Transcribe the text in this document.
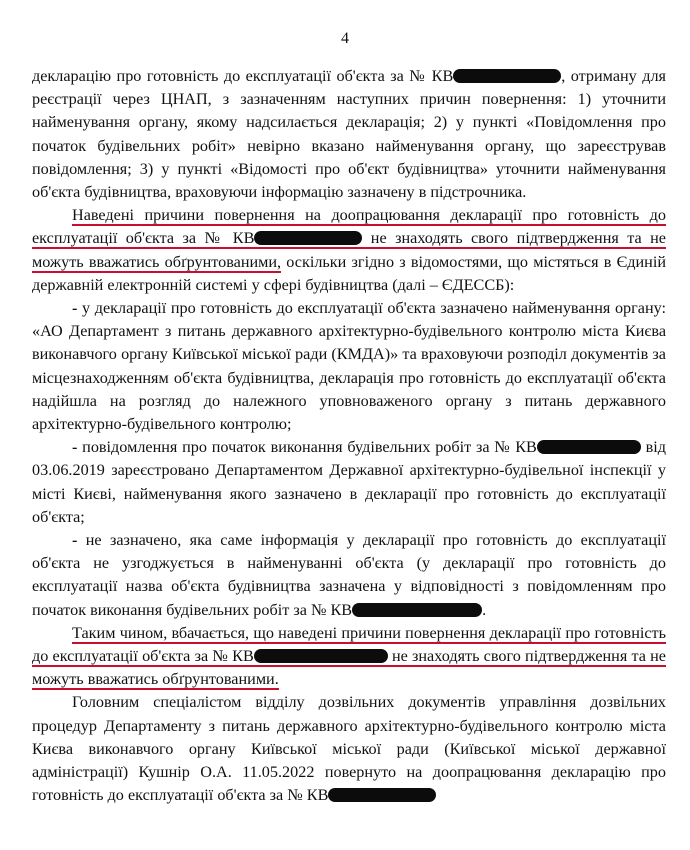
4

декларацію про готовність до експлуатації об'єкта за № КВ	, отриману для реєстрації через ЦНАП, з зазначенням наступних причин повернення: 1) уточнити найменування органу, якому надсилається декларація; 2) у пункті «Повідомлення про початок будівельних робіт» невірно вказано найменування органу, що зареєстрував повідомлення; 3) у пункті «Відомості про об'єкт будівництва» уточнити найменування об'єкта будівництва, враховуючи інформацію зазначену в підстрочника.

Наведені причини повернення на доопрацювання декларації про готовність до експлуатації об'єкта за № КВ	не знаходять свого підтвердження та не можуть вважатись обґрунтованими, оскільки згідно з відомостями, що містяться в Єдиній державній електронній системі у сфері будівництва (далі – ЄДЕССБ):

- у декларації про готовність до експлуатації об'єкта зазначено найменування органу: «АО Департамент з питань державного архітектурно-будівельного контролю міста Києва виконавчого органу Київської міської ради (КМДА)» та враховуючи розподіл документів за місцезнаходженням об'єкта будівництва, декларація про готовність до експлуатації об'єкта надійшла на розгляд до належного уповноваженого органу з питань державного архітектурно-будівельного контролю;

- повідомлення про початок виконання будівельних робіт за № КВ	від 03.06.2019 зареєстровано Департаментом Державної архітектурно-будівельної інспекції у місті Києві, найменування якого зазначено в декларації про готовність до експлуатації об'єкта;

- не зазначено, яка саме інформація у декларації про готовність до експлуатації об'єкта не узгоджується в найменуванні об'єкта (у декларації про готовність до експлуатації назва об'єкта будівництва зазначена у відповідності з повідомленням про початок виконання будівельних робіт за № КВ	.

Таким чином, вбачається, що наведені причини повернення декларації про готовність до експлуатації об'єкта за № КВ	не знаходять свого підтвердження та не можуть вважатись обґрунтованими.

Головним спеціалістом відділу дозвільних документів управління дозвільних процедур Департаменту з питань державного архітектурно-будівельного контролю міста Києва виконавчого органу Київської міської ради (Київської міської державної адміністрації) Кушнір О.А. 11.05.2022 повернуто на доопрацювання декларацію про готовність до експлуатації об'єкта за № КВ
